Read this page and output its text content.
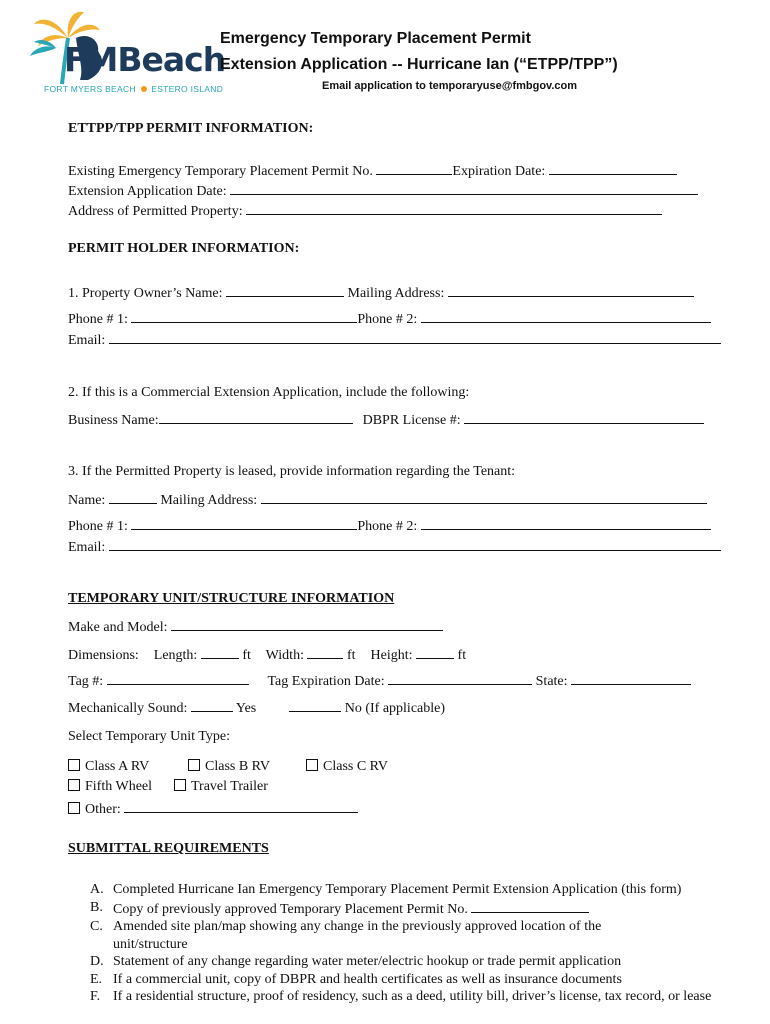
FMBeach
FORT MYERS BEACH ESTERO ISLAND
Emergency Temporary Placement Permit
Extension Application -- Hurricane Ian (“ETPP/TPP”)
Email application to temporaryuse@fmbgov.com
ETTPP/TPP PERMIT INFORMATION:
Existing Emergency Temporary Placement Permit No.	Expiration Date:
Extension Application Date:
Address of Permitted Property:
PERMIT HOLDER INFORMATION:
1. Property Owner’s Name:	Mailing Address:
Phone # 1:	Phone # 2:
Email:
2. If this is a Commercial Extension Application, include the following:
Business Name:	DBPR License #:
3. If the Permitted Property is leased, provide information regarding the Tenant:
Name:	Mailing Address:
Phone # 1:	Phone # 2:
Email:
TEMPORARY UNIT/STRUCTURE INFORMATION
Make and Model:
Dimensions: Length:	ft Width:	ft Height:	ft
Tag #:	Tag Expiration Date:	State:
Mechanically Sound:	Yes	No (If applicable)
Select Temporary Unit Type:
Class A RV	Class B RV	Class C RV
Fifth Wheel	Travel Trailer
Other:
SUBMITTAL REQUIREMENTS
A. Completed Hurricane Ian Emergency Temporary Placement Permit Extension Application (this form)
B. Copy of previously approved Temporary Placement Permit No.
C. Amended site plan/map showing any change in the previously approved location of the
unit/structure
D. Statement of any change regarding water meter/electric hookup or trade permit application
E. If a commercial unit, copy of DBPR and health certificates as well as insurance documents
F. If a residential structure, proof of residency, such as a deed, utility bill, driver’s license, tax record, or lease
